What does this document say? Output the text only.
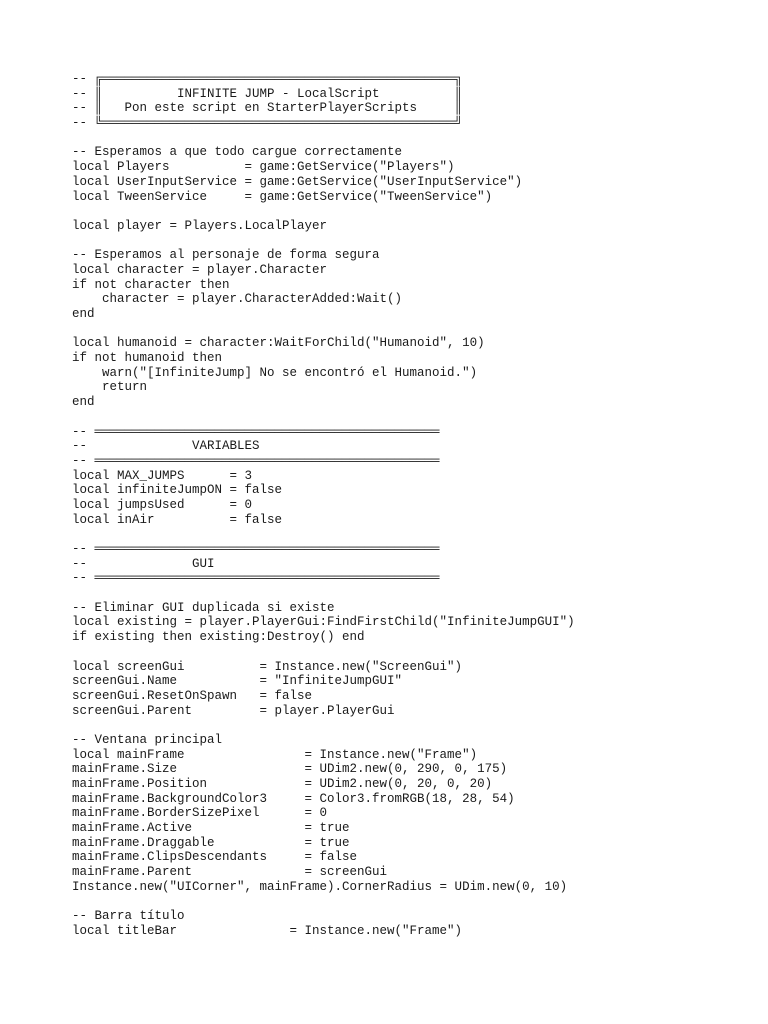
-- ╔═══════════════════════════════════════════════╗
-- ║          INFINITE JUMP - LocalScript          ║
-- ║   Pon este script en StarterPlayerScripts     ║
-- ╚═══════════════════════════════════════════════╝
-- Esperamos a que todo cargue correctamente
local Players          = game:GetService("Players")
local UserInputService = game:GetService("UserInputService")
local TweenService     = game:GetService("TweenService")
local player = Players.LocalPlayer
-- Esperamos al personaje de forma segura
local character = player.Character
if not character then
character = player.CharacterAdded:Wait()
end
local humanoid = character:WaitForChild("Humanoid", 10)
if not humanoid then
warn("[InfiniteJump] No se encontró el Humanoid.")
return
end
-- ══════════════════════════════════════════════
--              VARIABLES
-- ══════════════════════════════════════════════
local MAX_JUMPS      = 3
local infiniteJumpON = false
local jumpsUsed      = 0
local inAir          = false
-- ══════════════════════════════════════════════
--              GUI
-- ══════════════════════════════════════════════
-- Eliminar GUI duplicada si existe
local existing = player.PlayerGui:FindFirstChild("InfiniteJumpGUI")
if existing then existing:Destroy() end
local screenGui          = Instance.new("ScreenGui")
screenGui.Name           = "InfiniteJumpGUI"
screenGui.ResetOnSpawn   = false
screenGui.Parent         = player.PlayerGui
-- Ventana principal
local mainFrame                = Instance.new("Frame")
mainFrame.Size                 = UDim2.new(0, 290, 0, 175)
mainFrame.Position             = UDim2.new(0, 20, 0, 20)
mainFrame.BackgroundColor3     = Color3.fromRGB(18, 28, 54)
mainFrame.BorderSizePixel      = 0
mainFrame.Active               = true
mainFrame.Draggable            = true
mainFrame.ClipsDescendants     = false
mainFrame.Parent               = screenGui
Instance.new("UICorner", mainFrame).CornerRadius = UDim.new(0, 10)
-- Barra título
local titleBar               = Instance.new("Frame")
